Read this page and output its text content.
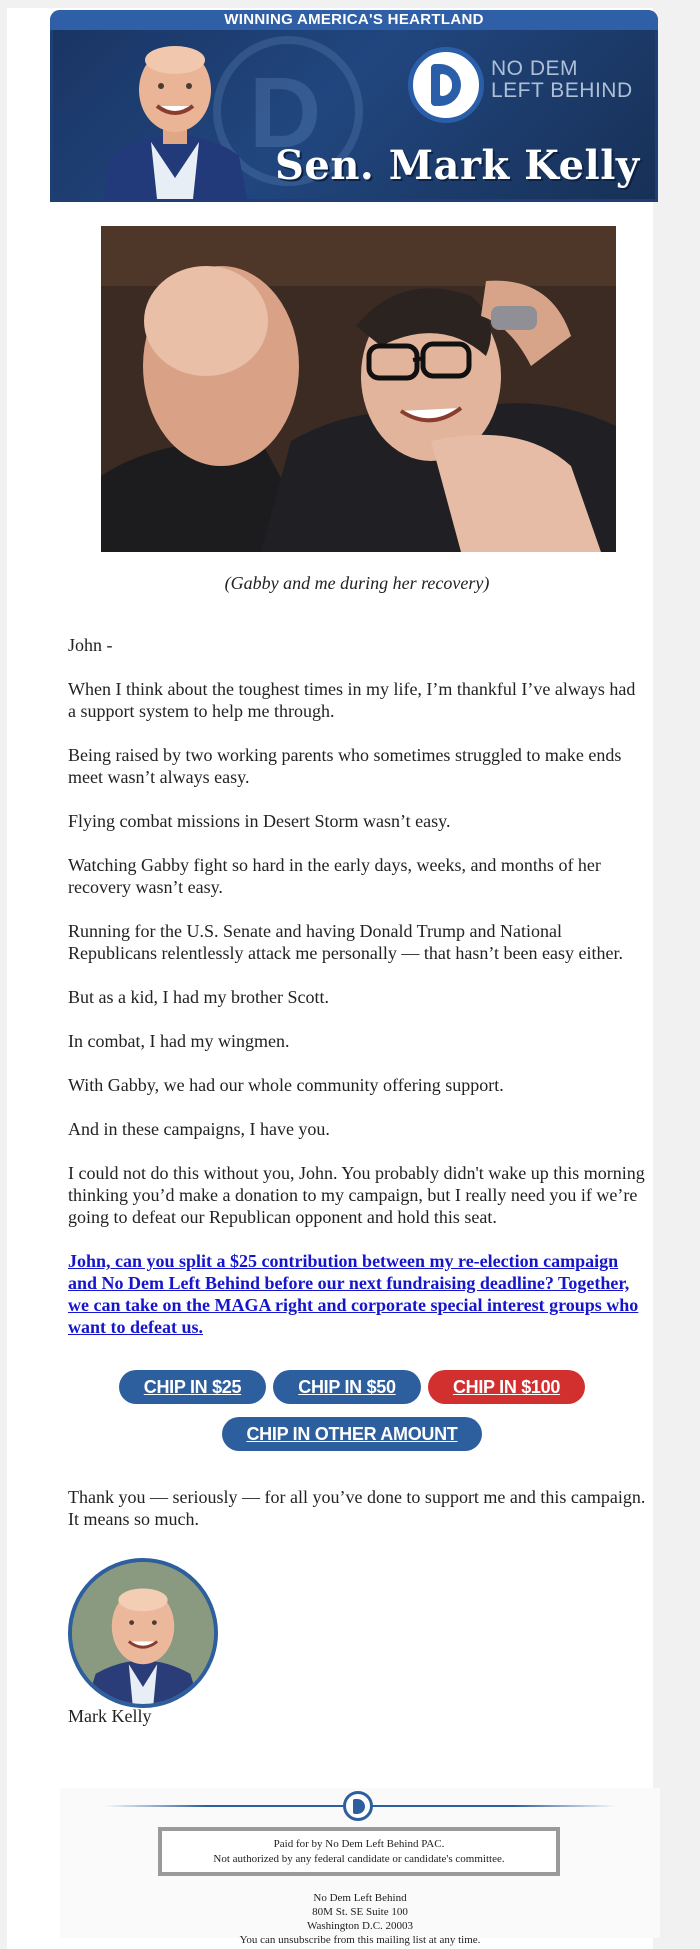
WINNING AMERICA'S HEARTLAND
D	NO DEM
LEFT BEHIND
Sen. Mark Kelly
(Gabby and me during her recovery)

John -

When I think about the toughest times in my life, I’m thankful I’ve always had a support system to help me through.

Being raised by two working parents who sometimes struggled to make ends meet wasn’t always easy.

Flying combat missions in Desert Storm wasn’t easy.

Watching Gabby fight so hard in the early days, weeks, and months of her recovery wasn’t easy.

Running for the U.S. Senate and having Donald Trump and National Republicans relentlessly attack me personally — that hasn’t been easy either.

But as a kid, I had my brother Scott.

In combat, I had my wingmen.

With Gabby, we had our whole community offering support.

And in these campaigns, I have you.

I could not do this without you, John. You probably didn't wake up this morning thinking you’d make a donation to my campaign, but I really need you if we’re going to defeat our Republican opponent and hold this seat.

John, can you split a $25 contribution between my re-election campaign and No Dem Left Behind before our next fundraising deadline? Together, we can take on the MAGA right and corporate special interest groups who want to defeat us.
CHIP IN $25	CHIP IN $50	CHIP IN $100
CHIP IN OTHER AMOUNT
Thank you — seriously — for all you’ve done to support me and this campaign. It means so much.
Mark Kelly
Paid for by No Dem Left Behind PAC.
Not authorized by any federal candidate or candidate's committee.
No Dem Left Behind
80M St. SE Suite 100
Washington D.C. 20003
You can unsubscribe from this mailing list at any time.
